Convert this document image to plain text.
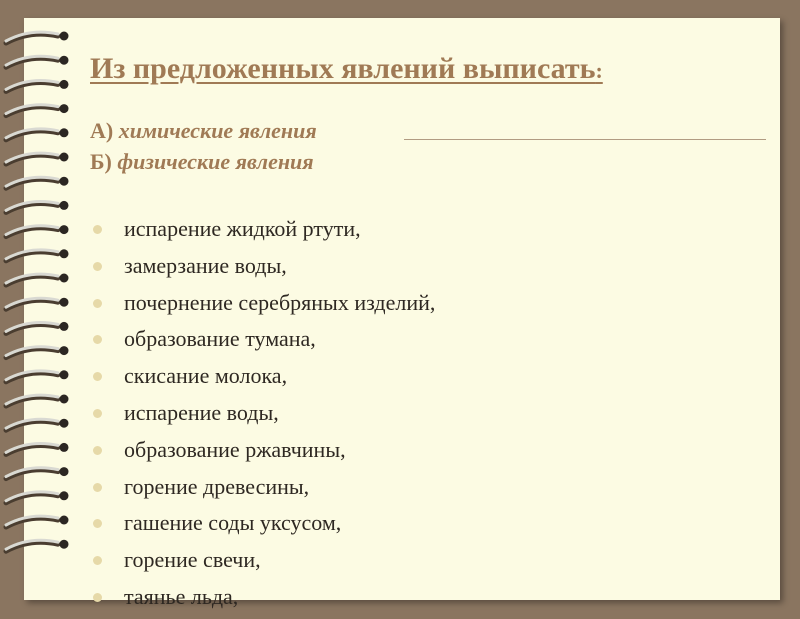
Из предложенных явлений выписать:

А) химические явления

Б) физические явления

испарение жидкой ртути,
замерзание воды,
почернение серебряных изделий,
образование тумана,
скисание молока,
испарение воды,
образование ржавчины,
горение древесины,
гашение соды уксусом,
горение свечи,
таянье льда,
